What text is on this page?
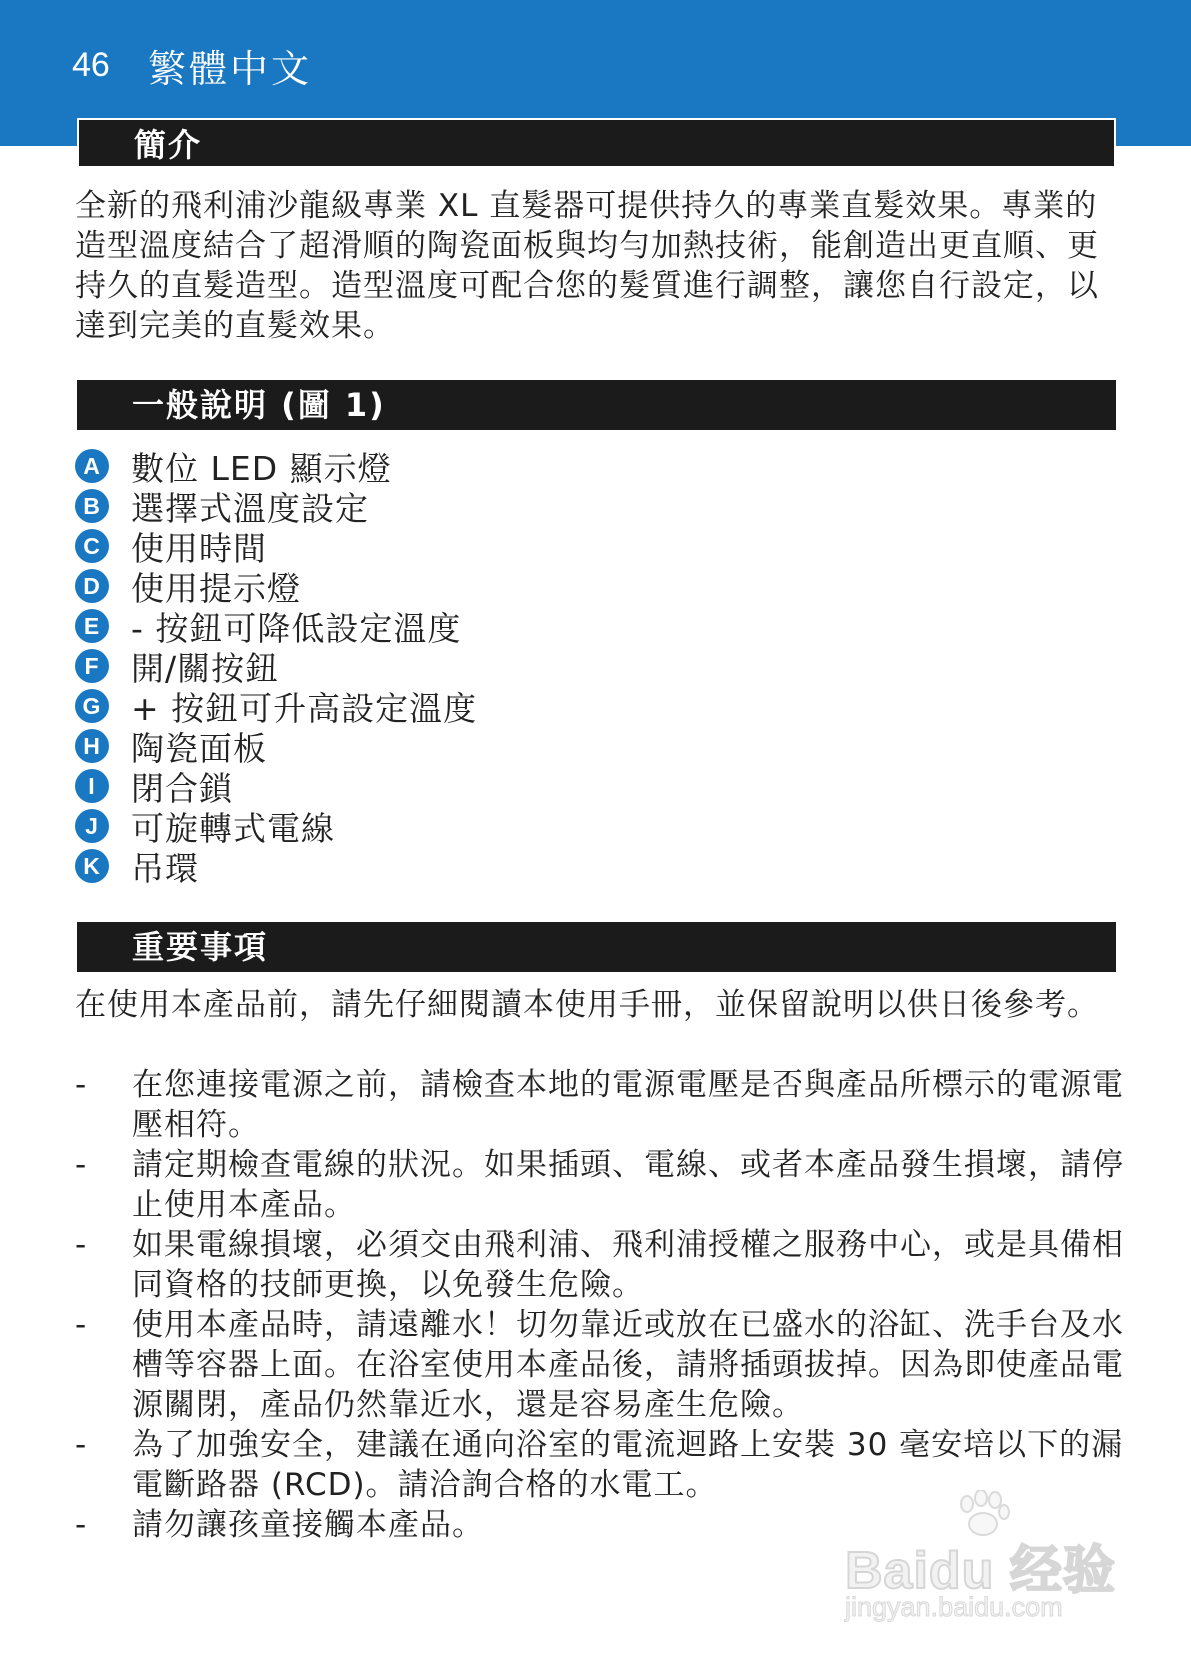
46 繁體中文
簡介

全新的飛利浦沙龍級專業 XL 直髮器可提供持久的專業直髮效果。專業的造型溫度結合了超滑順的陶瓷面板與均勻加熱技術，能創造出更直順、更持久的直髮造型。造型溫度可配合您的髮質進行調整，讓您自行設定，以達到完美的直髮效果。

一般說明 (圖 1)
A 數位 LED 顯示燈
B 選擇式溫度設定
C 使用時間
D 使用提示燈
E - 按鈕可降低設定溫度
F 開/關按鈕
G + 按鈕可升高設定溫度
H 陶瓷面板
I	閉合鎖
J 可旋轉式電線
K 吊環
重要事項

在使用本產品前，請先仔細閱讀本使用手冊，並保留說明以供日後參考。

- 在您連接電源之前，請檢查本地的電源電壓是否與產品所標示的電源電壓相符。
- 請定期檢查電線的狀況。如果插頭、電線、或者本產品發生損壞，請停止使用本產品。
- 如果電線損壞，必須交由飛利浦、飛利浦授權之服務中心，或是具備相同資格的技師更換，以免發生危險。
- 使用本產品時，請遠離水！切勿靠近或放在已盛水的浴缸、洗手台及水槽等容器上面。在浴室使用本產品後，請將插頭拔掉。因為即使產品電源關閉，產品仍然靠近水，還是容易產生危險。
- 為了加強安全，建議在通向浴室的電流迴路上安裝 30 毫安培以下的漏電斷路器 (RCD)。請洽詢合格的水電工。
- 請勿讓孩童接觸本產品。
Baidu 经验
jingyan.baidu.com
